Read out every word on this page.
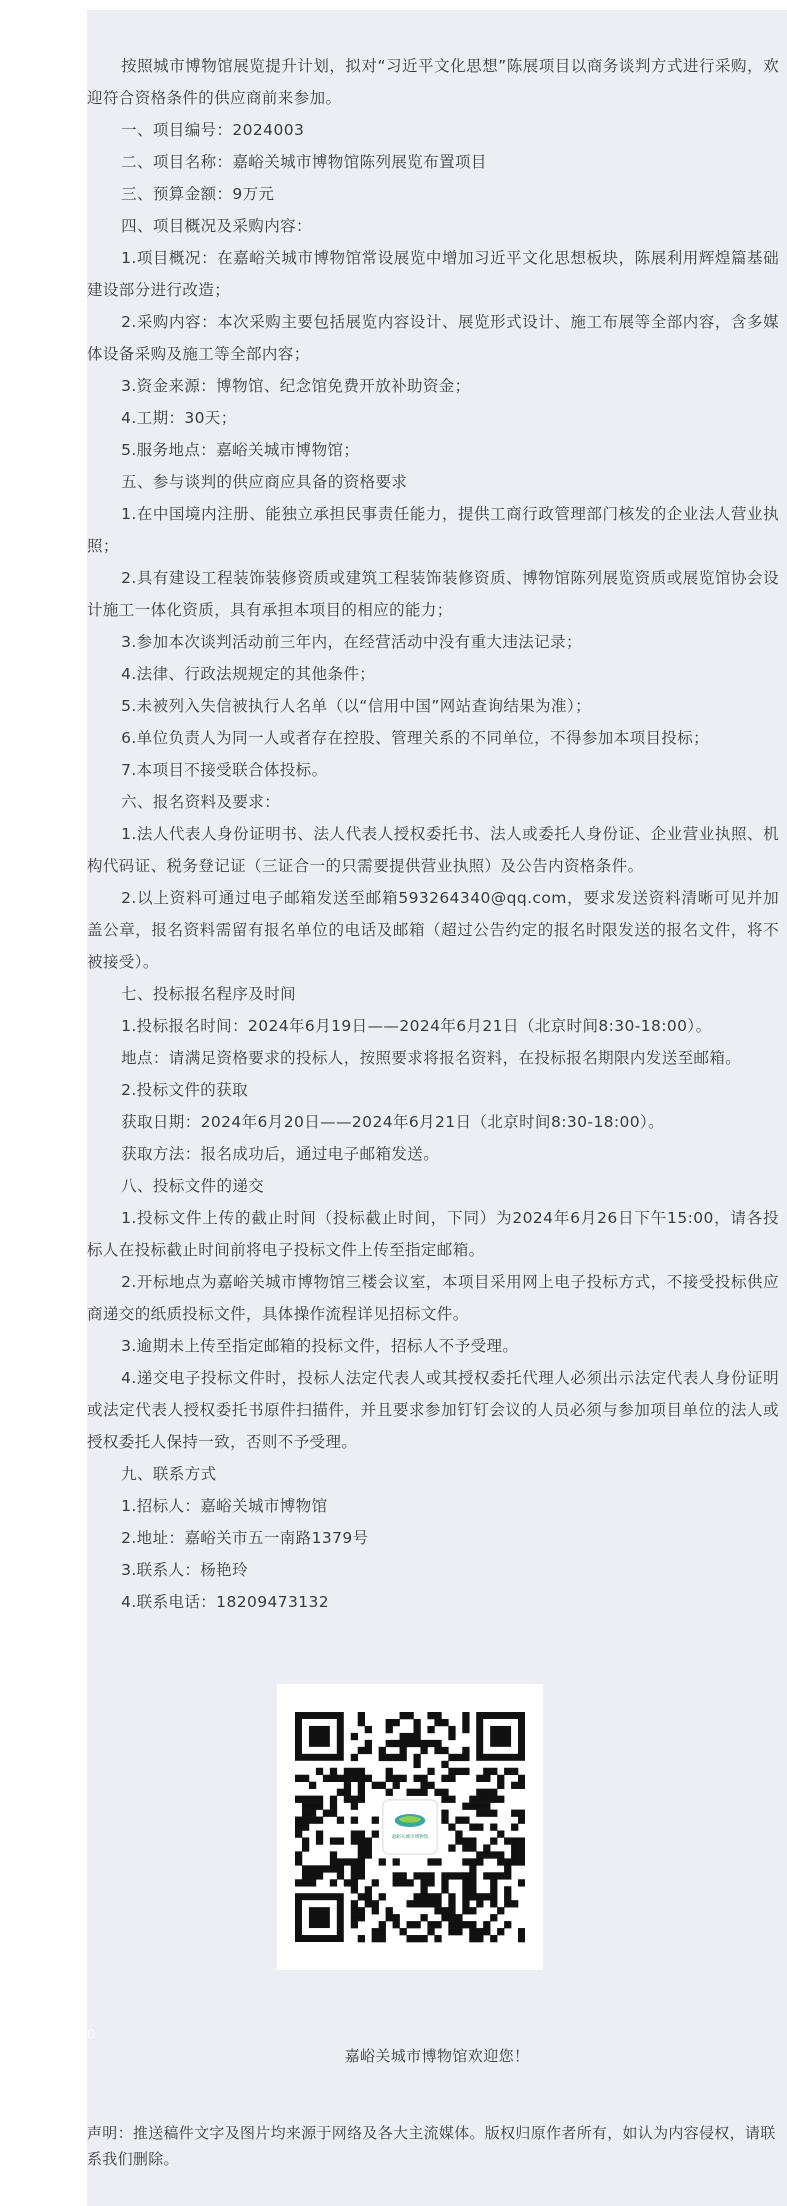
按照城市博物馆展览提升计划，拟对“习近平文化思想”陈展项目以商务谈判方式进行采购，欢迎符合资格条件的供应商前来参加。

一、项目编号：2024003

二、项目名称：嘉峪关城市博物馆陈列展览布置项目

三、预算金额：9万元

四、项目概况及采购内容：

1.项目概况：在嘉峪关城市博物馆常设展览中增加习近平文化思想板块，陈展利用辉煌篇基础建设部分进行改造；

2.采购内容：本次采购主要包括展览内容设计、展览形式设计、施工布展等全部内容，含多媒体设备采购及施工等全部内容；

3.资金来源：博物馆、纪念馆免费开放补助资金；

4.工期：30天；

5.服务地点：嘉峪关城市博物馆；

五、参与谈判的供应商应具备的资格要求

1.在中国境内注册、能独立承担民事责任能力，提供工商行政管理部门核发的企业法人营业执照；

2.具有建设工程装饰装修资质或建筑工程装饰装修资质、博物馆陈列展览资质或展览馆协会设计施工一体化资质，具有承担本项目的相应的能力；

3.参加本次谈判活动前三年内，在经营活动中没有重大违法记录；

4.法律、行政法规规定的其他条件；

5.未被列入失信被执行人名单（以“信用中国”网站查询结果为准）；

6.单位负责人为同一人或者存在控股、管理关系的不同单位，不得参加本项目投标；

7.本项目不接受联合体投标。

六、报名资料及要求：

1.法人代表人身份证明书、法人代表人授权委托书、法人或委托人身份证、企业营业执照、机构代码证、税务登记证（三证合一的只需要提供营业执照）及公告内资格条件。

2.以上资料可通过电子邮箱发送至邮箱593264340@qq.com，要求发送资料清晰可见并加盖公章，报名资料需留有报名单位的电话及邮箱（超过公告约定的报名时限发送的报名文件，将不被接受）。

七、投标报名程序及时间

1.投标报名时间：2024年6月19日——2024年6月21日（北京时间8:30-18:00）。

地点：请满足资格要求的投标人，按照要求将报名资料，在投标报名期限内发送至邮箱。

2.投标文件的获取

获取日期：2024年6月20日——2024年6月21日（北京时间8:30-18:00）。

获取方法：报名成功后，通过电子邮箱发送。

八、投标文件的递交

1.投标文件上传的截止时间（投标截止时间，下同）为2024年6月26日下午15:00，请各投标人在投标截止时间前将电子投标文件上传至指定邮箱。

2.开标地点为嘉峪关城市博物馆三楼会议室，本项目采用网上电子投标方式，不接受投标供应商递交的纸质投标文件，具体操作流程详见招标文件。

3.逾期未上传至指定邮箱的投标文件，招标人不予受理。

4.递交电子投标文件时，投标人法定代表人或其授权委托代理人必须出示法定代表人身份证明或法定代表人授权委托书原件扫描件，并且要求参加钉钉会议的人员必须与参加项目单位的法人或授权委托人保持一致，否则不予受理。

九、联系方式

1.招标人：嘉峪关城市博物馆

2.地址：嘉峪关市五一南路1379号

3.联系人：杨艳玲

4.联系电话：18209473132

0
嘉峪关城市博物馆
嘉峪关城市博物馆欢迎您！
声明：推送稿件文字及图片均来源于网络及各大主流媒体。版权归原作者所有，如认为内容侵权，请联系我们删除。
